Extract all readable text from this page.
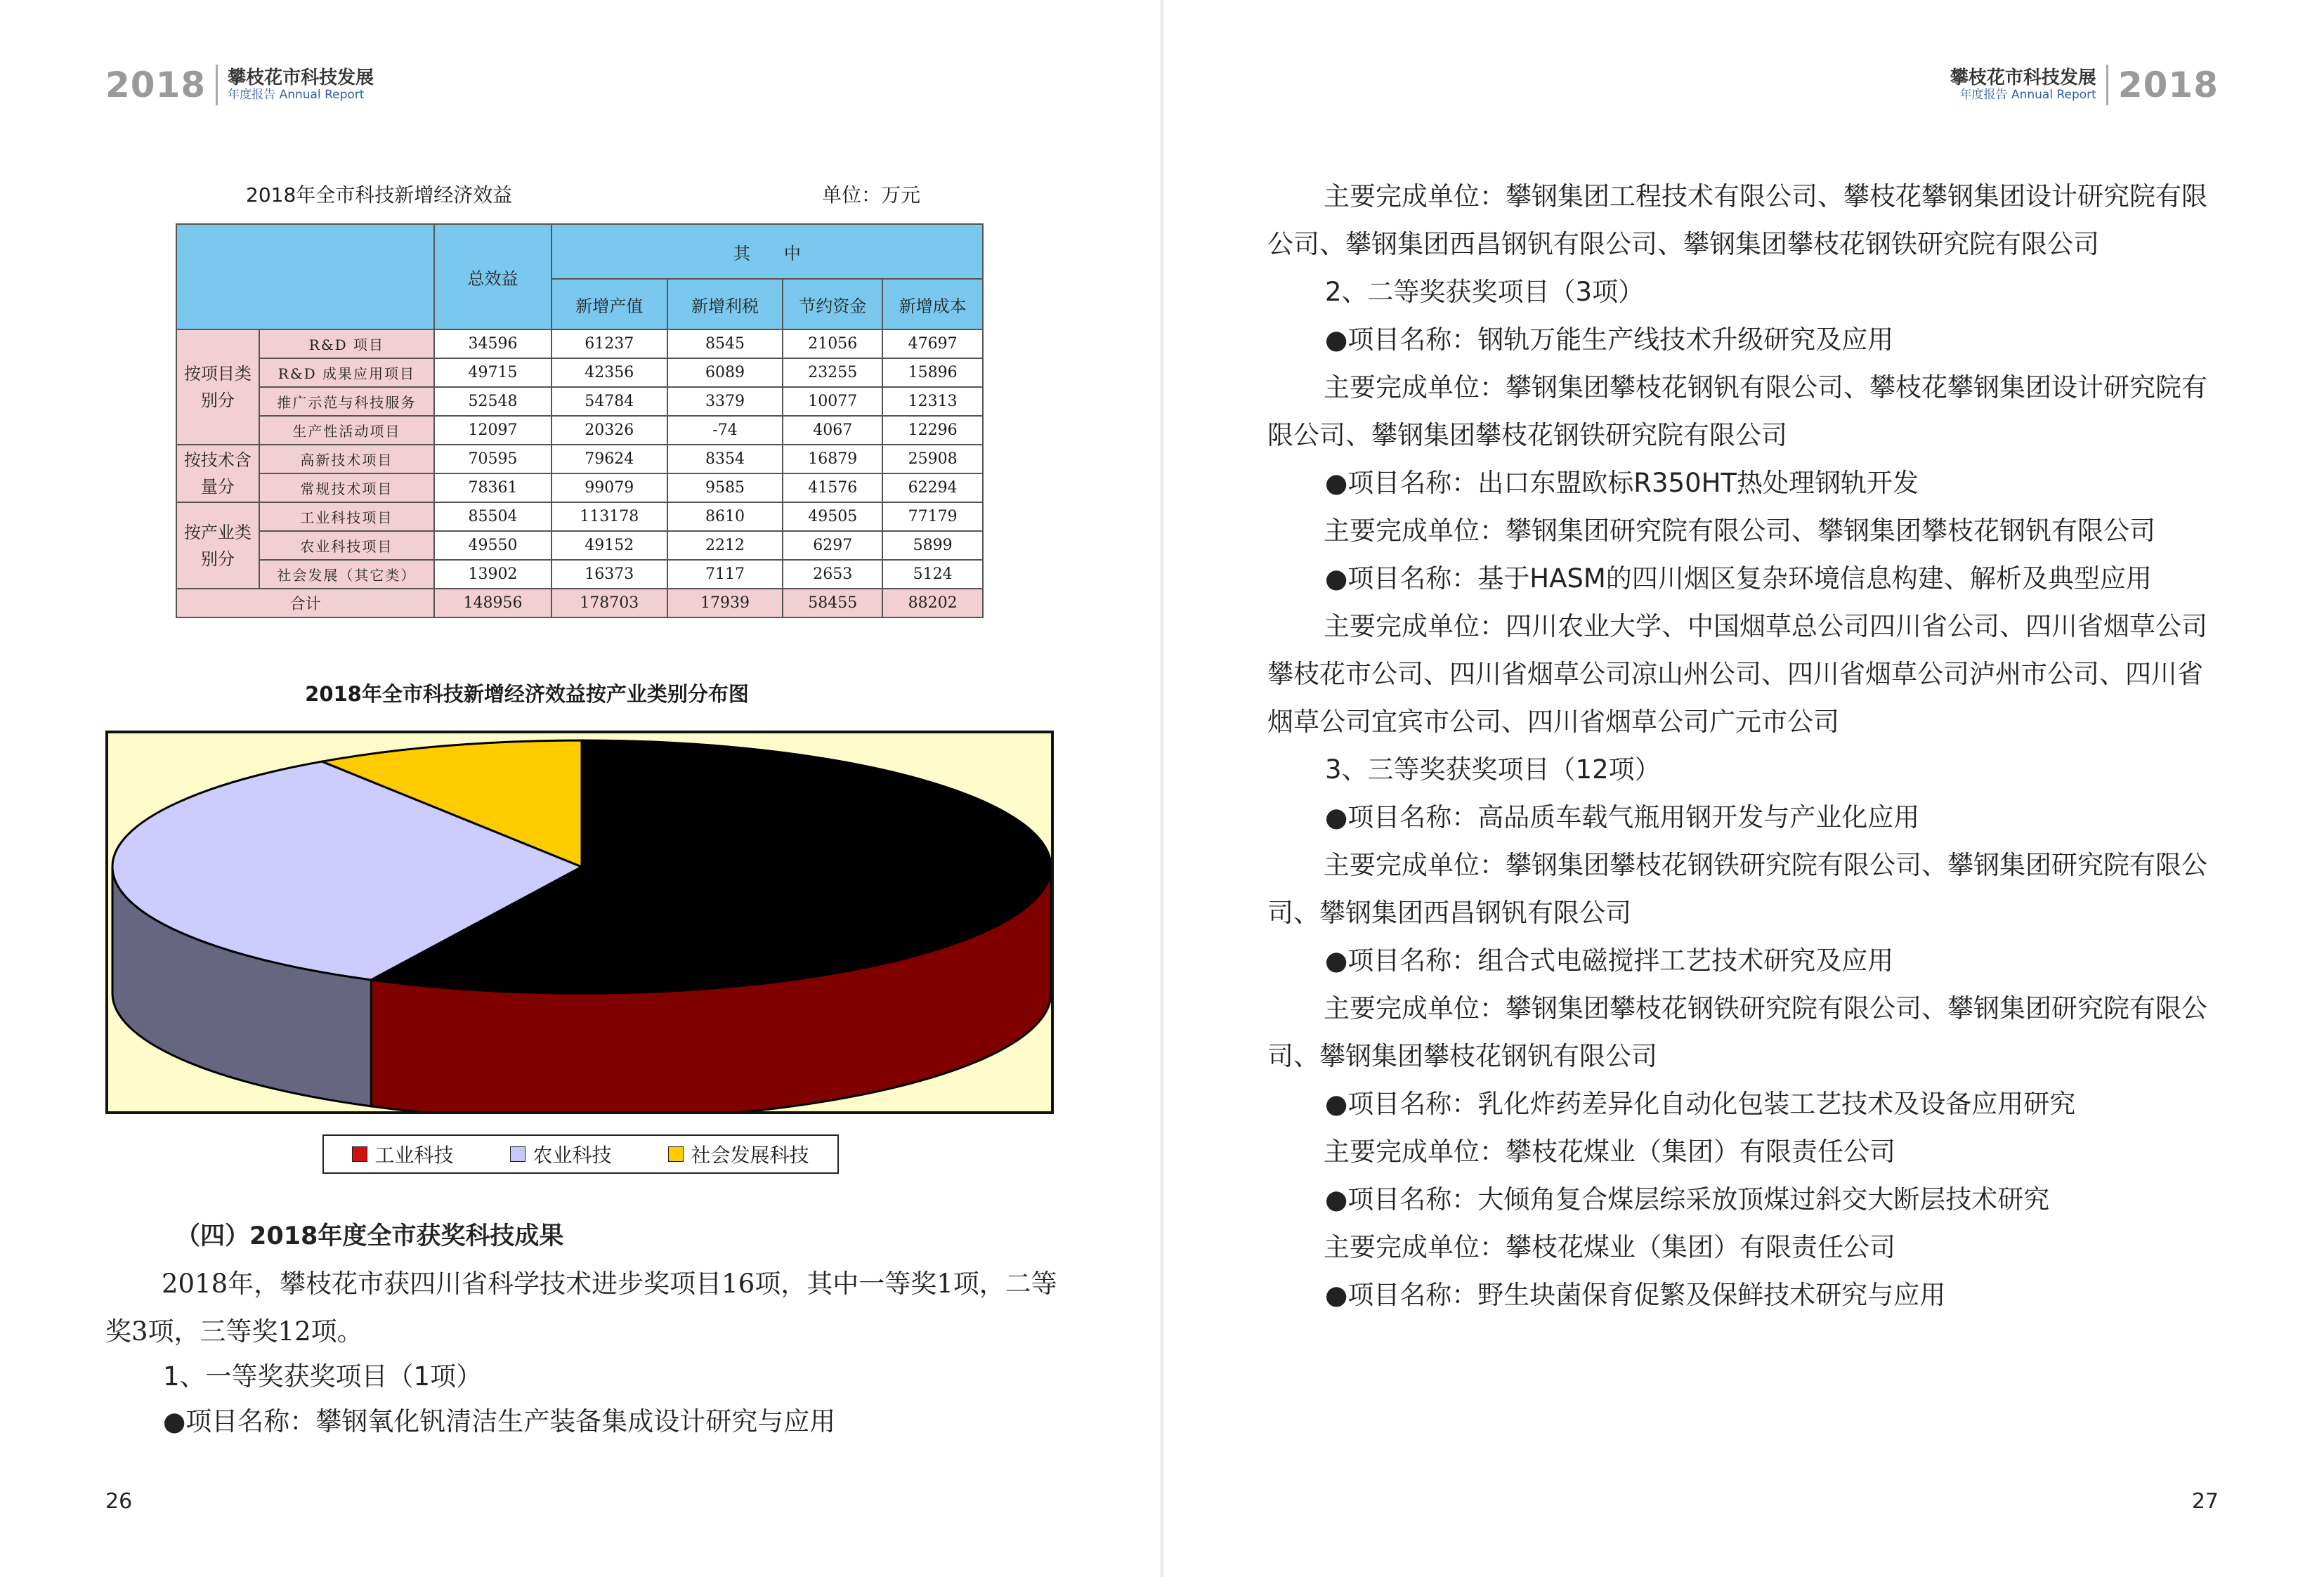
2018 攀枝花市科技发展
年度报告 Annual Report
2018年全市科技新增经济效益	单位：万元
		总效益	其　　中			
			新增产值	新增利税	节约资金	新增成本
按项目类别分	R&D 项目	34596	61237	8545	21056	47697
	R&D 成果应用项目	49715	42356	6089	23255	15896
	推广示范与科技服务	52548	54784	3379	10077	12313
	生产性活动项目	12097	20326	-74	4067	12296
按技术含量分	高新技术项目	70595	79624	8354	16879	25908
	常规技术项目	78361	99079	9585	41576	62294
按产业类别分	工业科技项目	85504	113178	8610	49505	77179
	农业科技项目	49550	49152	2212	6297	5899
	社会发展（其它类）	13902	16373	7117	2653	5124
合计		148956	178703	17939	58455	88202
2018年全市科技新增经济效益按产业类别分布图
工业科技	农业科技	社会发展科技
（四）2018年度全市获奖科技成果
2018年，攀枝花市获四川省科学技术进步奖项目16项，其中一等奖1项，二等奖3项，三等奖12项。
1、一等奖获奖项目（1项）
●项目名称：攀钢氧化钒清洁生产装备集成设计研究与应用
26
攀枝花市科技发展
年度报告 Annual Report 2018
主要完成单位：攀钢集团工程技术有限公司、攀枝花攀钢集团设计研究院有限公司、攀钢集团西昌钢钒有限公司、攀钢集团攀枝花钢铁研究院有限公司
2、二等奖获奖项目（3项）
●项目名称：钢轨万能生产线技术升级研究及应用
主要完成单位：攀钢集团攀枝花钢钒有限公司、攀枝花攀钢集团设计研究院有限公司、攀钢集团攀枝花钢铁研究院有限公司
●项目名称：出口东盟欧标R350HT热处理钢轨开发
主要完成单位：攀钢集团研究院有限公司、攀钢集团攀枝花钢钒有限公司
●项目名称：基于HASM的四川烟区复杂环境信息构建、解析及典型应用
主要完成单位：四川农业大学、中国烟草总公司四川省公司、四川省烟草公司攀枝花市公司、四川省烟草公司凉山州公司、四川省烟草公司泸州市公司、四川省烟草公司宜宾市公司、四川省烟草公司广元市公司
3、三等奖获奖项目（12项）
●项目名称：高品质车载气瓶用钢开发与产业化应用
主要完成单位：攀钢集团攀枝花钢铁研究院有限公司、攀钢集团研究院有限公司、攀钢集团西昌钢钒有限公司
●项目名称：组合式电磁搅拌工艺技术研究及应用
主要完成单位：攀钢集团攀枝花钢铁研究院有限公司、攀钢集团研究院有限公司、攀钢集团攀枝花钢钒有限公司
●项目名称：乳化炸药差异化自动化包装工艺技术及设备应用研究
主要完成单位：攀枝花煤业（集团）有限责任公司
●项目名称：大倾角复合煤层综采放顶煤过斜交大断层技术研究
主要完成单位：攀枝花煤业（集团）有限责任公司
●项目名称：野生块菌保育促繁及保鲜技术研究与应用
27
